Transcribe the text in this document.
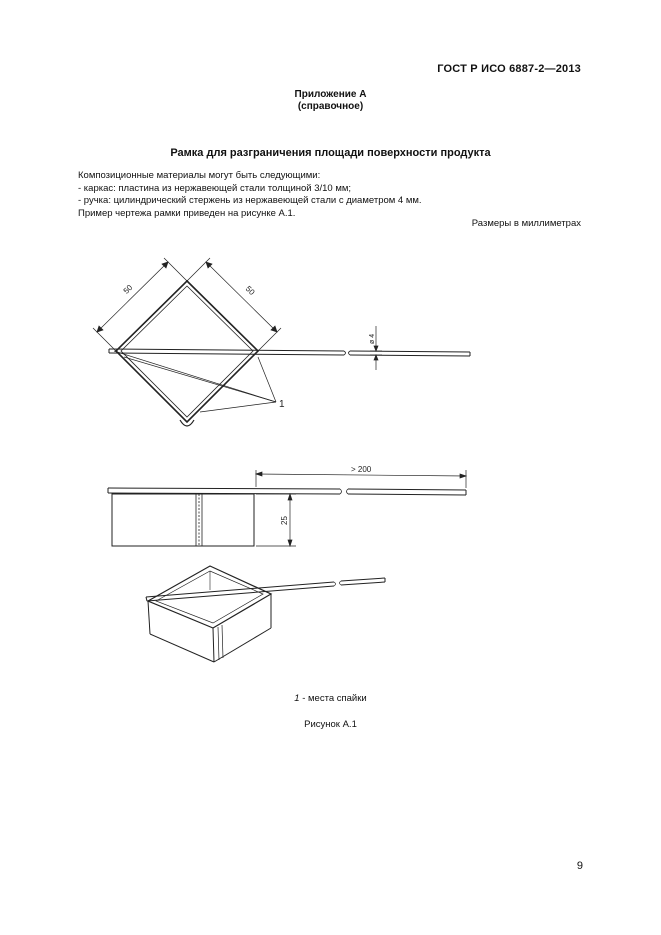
ГОСТ Р ИСО 6887-2—2013
Приложение А
(справочное)
Рамка для разграничения площади поверхности продукта
Композиционные материалы могут быть следующими:
- каркас: пластина из нержавеющей стали толщиной 3/10 мм;
- ручка: цилиндрический стержень из нержавеющей стали с диаметром 4 мм.
Пример чертежа рамки приведен на рисунке А.1.
Размеры в миллиметрах
50	50
ø 4
1
> 200
25
1 - места спайки
Рисунок А.1
9
